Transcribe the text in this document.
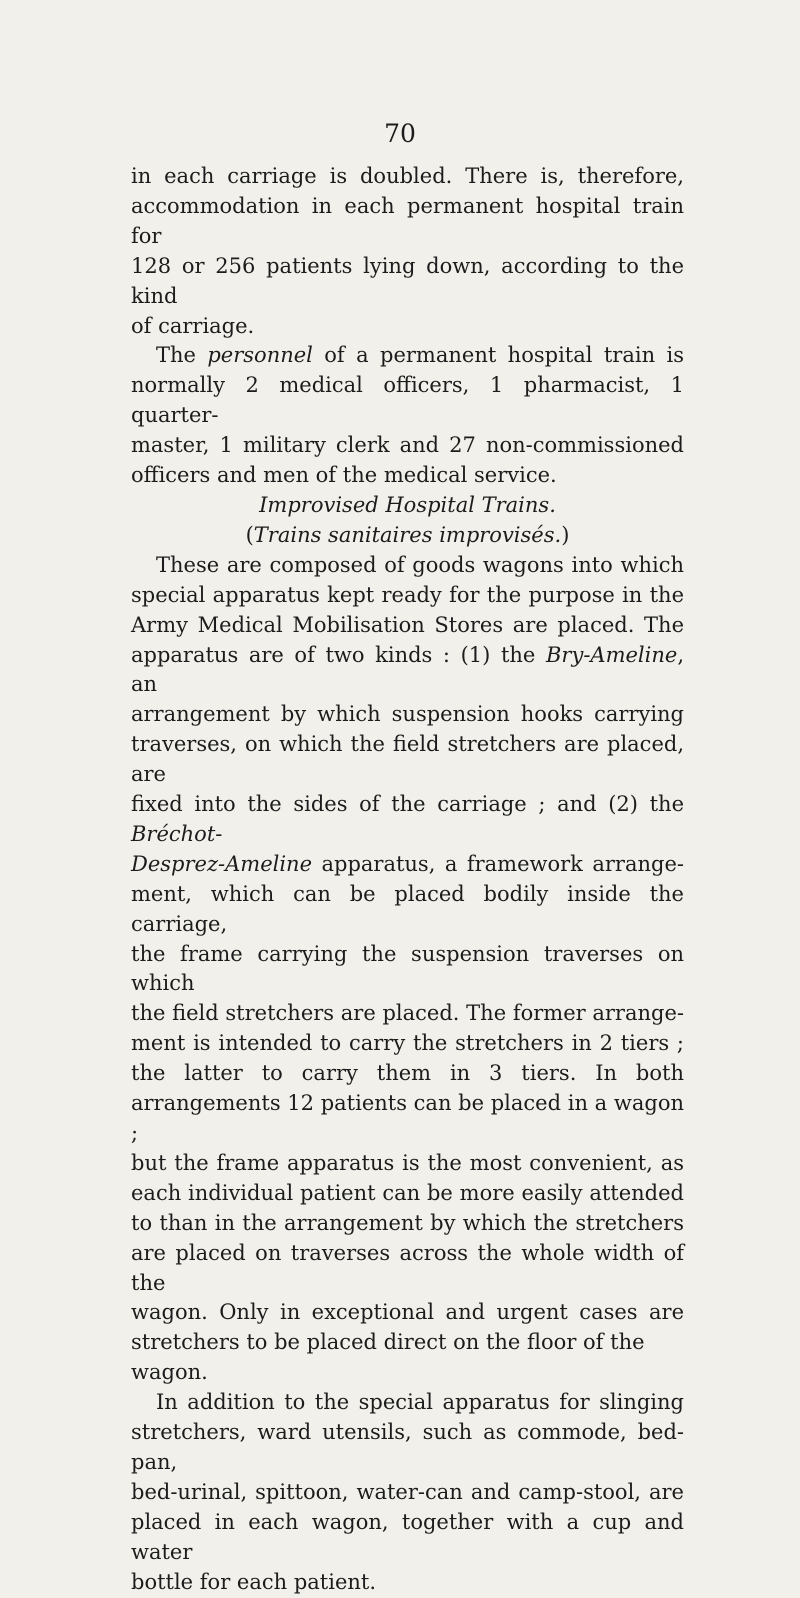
70

in each carriage is doubled. There is, therefore,

accommodation in each permanent hospital train for

128 or 256 patients lying down, according to the kind

of carriage.

The personnel of a permanent hospital train is

normally 2 medical officers, 1 pharmacist, 1 quarter-

master, 1 military clerk and 27 non-commissioned

officers and men of the medical service.

Improvised Hospital Trains.

(Trains sanitaires improvisés.)

These are composed of goods wagons into which

special apparatus kept ready for the purpose in the

Army Medical Mobilisation Stores are placed. The

apparatus are of two kinds : (1) the Bry-Ameline, an

arrangement by which suspension hooks carrying

traverses, on which the field stretchers are placed, are

fixed into the sides of the carriage ; and (2) the Bréchot-

Desprez-Ameline apparatus, a framework arrange-

ment, which can be placed bodily inside the carriage,

the frame carrying the suspension traverses on which

the field stretchers are placed. The former arrange-

ment is intended to carry the stretchers in 2 tiers ;

the latter to carry them in 3 tiers. In both

arrangements 12 patients can be placed in a wagon ;

but the frame apparatus is the most convenient, as

each individual patient can be more easily attended

to than in the arrangement by which the stretchers

are placed on traverses across the whole width of the

wagon. Only in exceptional and urgent cases are

stretchers to be placed direct on the floor of the wagon.

In addition to the special apparatus for slinging

stretchers, ward utensils, such as commode, bed-pan,

bed-urinal, spittoon, water-can and camp-stool, are

placed in each wagon, together with a cup and water

bottle for each patient.
